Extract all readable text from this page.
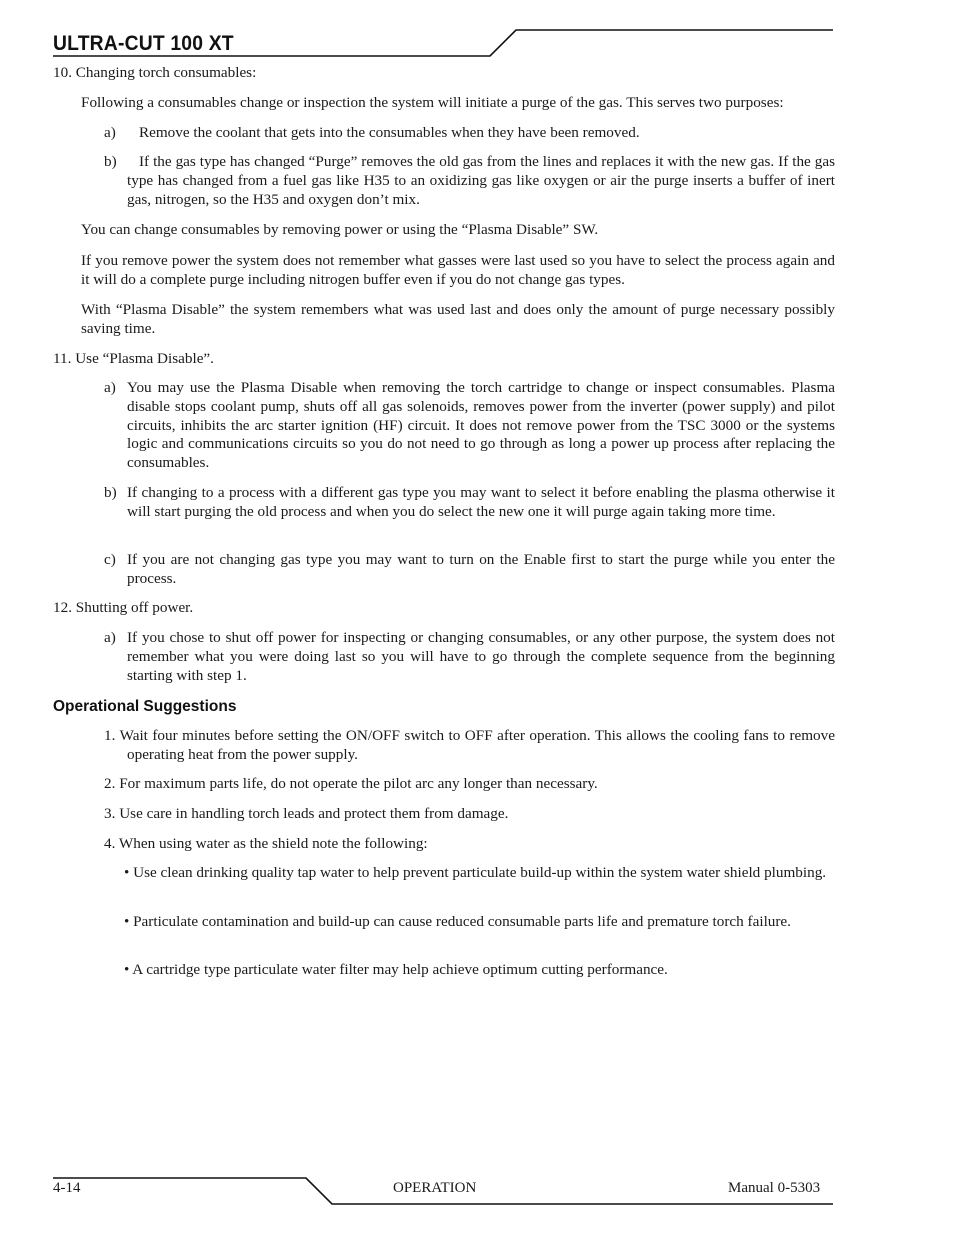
ULTRA-CUT 100 XT
10. Changing torch consumables:
Following a consumables change or inspection the system will initiate a purge of the gas. This serves two purposes:
a) Remove the coolant that gets into the consumables when they have been removed.
b)	If the gas type has changed “Purge” removes the old gas from the lines and replaces it with the new gas. If the gas type has changed from a fuel gas like H35 to an oxidizing gas like oxygen or air the purge inserts a buffer of inert gas, nitrogen, so the H35 and oxygen don’t mix.
You can change consumables by removing power or using the “Plasma Disable” SW.
If you remove power the system does not remember what gasses were last used so you have to select the process again and it will do a complete purge including nitrogen buffer even if you do not change gas types.
With “Plasma Disable” the system remembers what was used last and does only the amount of purge necessary possibly saving time.
11. Use “Plasma Disable”.
a) You may use the Plasma Disable when removing the torch cartridge to change or inspect consumables. Plasma disable stops coolant pump, shuts off all gas solenoids, removes power from the inverter (power supply) and pilot circuits, inhibits the arc starter ignition (HF) circuit. It does not remove power from the TSC 3000 or the systems logic and communications circuits so you do not need to go through as long a power up process after replacing the consumables.
b) If changing to a process with a different gas type you may want to select it before enabling the plasma otherwise it will start purging the old process and when you do select the new one it will purge again taking more time.
c) If you are not changing gas type you may want to turn on the Enable first to start the purge while you enter the process.
12. Shutting off power.
a) If you chose to shut off power for inspecting or changing consumables, or any other purpose, the system does not remember what you were doing last so you will have to go through the complete sequence from the beginning starting with step 1.
Operational Suggestions
1. Wait four minutes before setting the ON/OFF switch to OFF after operation. This allows the cooling fans to remove operating heat from the power supply.
2. For maximum parts life, do not operate the pilot arc any longer than necessary.
3. Use care in handling torch leads and protect them from damage.
4. When using water as the shield note the following:
• Use clean drinking quality tap water to help prevent particulate build-up within the system water shield plumbing.
• Particulate contamination and build-up can cause reduced consumable parts life and premature torch failure.
• A cartridge type particulate water filter may help achieve optimum cutting performance.
4-14	OPERATION	Manual 0-5303
